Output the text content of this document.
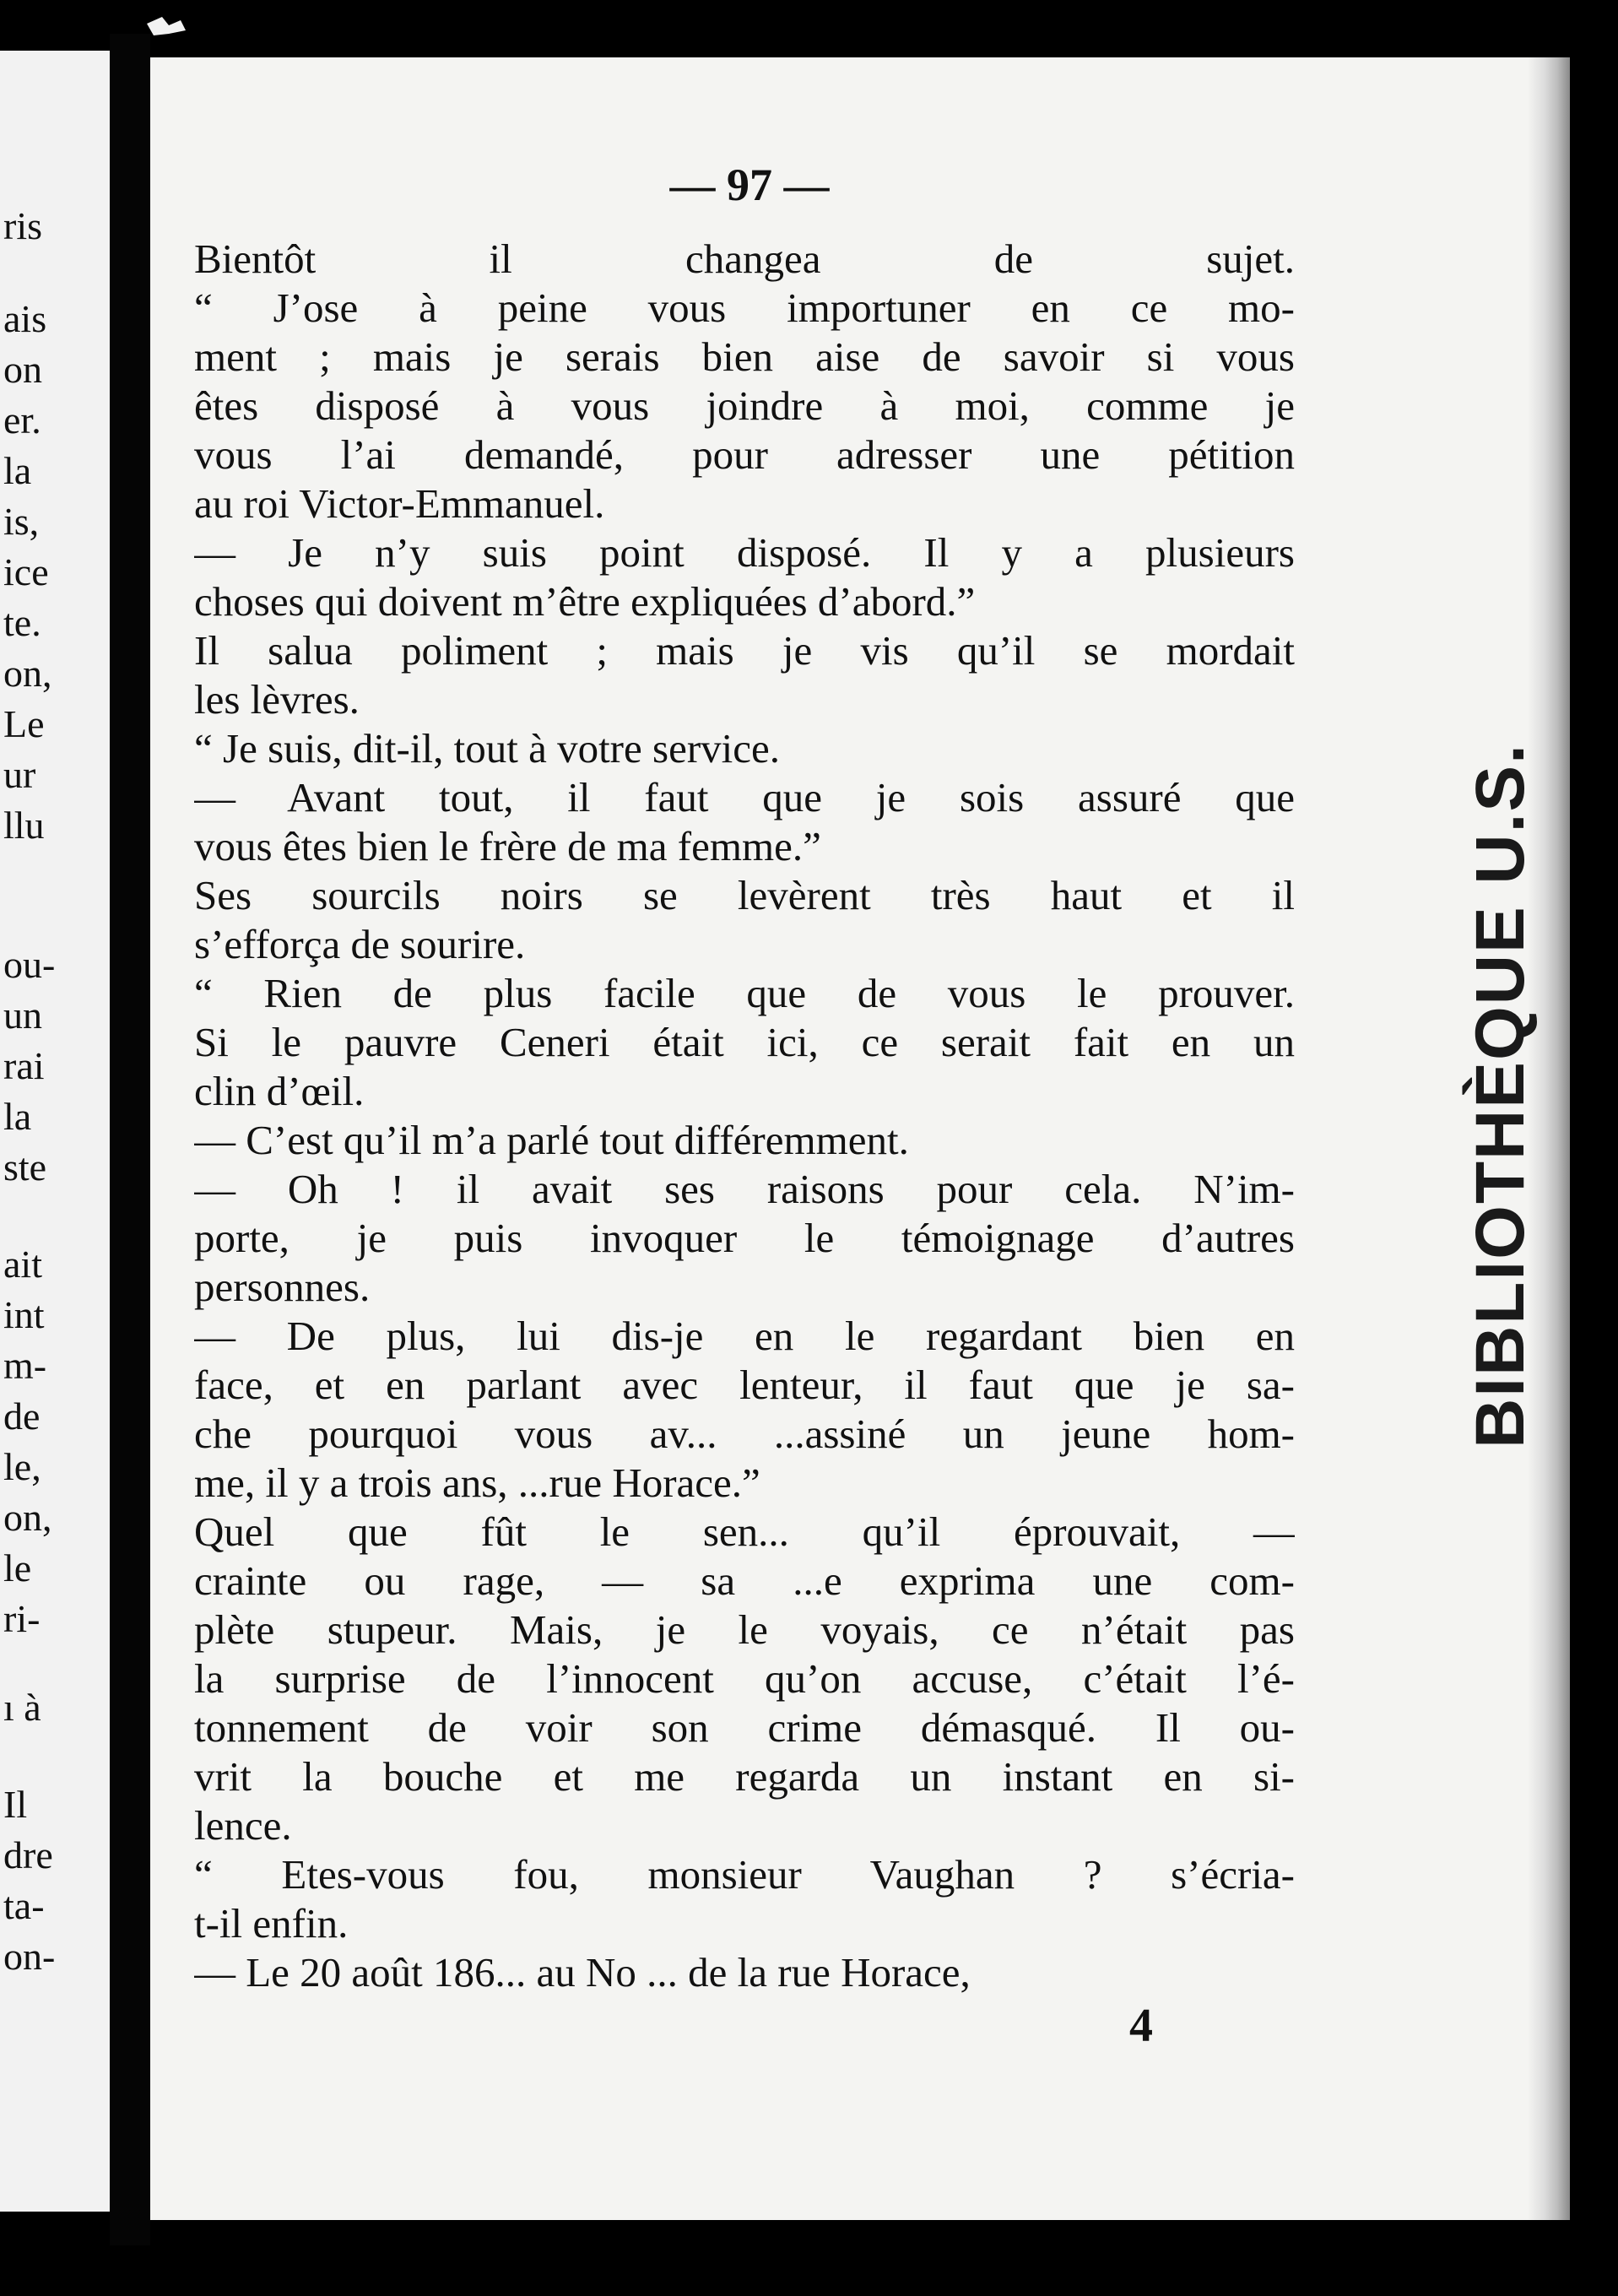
ris
ais
on
er.
la
is,
ice
te.
on,
Le
ur
llu
ou-
un
rai
la
ste
ait
int
m-
de
le,
on,
le
ri-
ı à
Il
dre
ta-
on-
— 97 —
Bientôt il changea de sujet.
“ J’ose à peine vous importuner en ce mo-
ment ; mais je serais bien aise de savoir si vous
êtes disposé à vous joindre à moi, comme je
vous l’ai demandé, pour adresser une pétition
au roi Victor-Emmanuel.
— Je n’y suis point disposé. Il y a plusieurs
choses qui doivent m’être expliquées d’abord.”
Il salua poliment ; mais je vis qu’il se mordait
les lèvres.
“ Je suis, dit-il, tout à votre service.
— Avant tout, il faut que je sois assuré que
vous êtes bien le frère de ma femme.”
Ses sourcils noirs se levèrent très haut et il
s’efforça de sourire.
“ Rien de plus facile que de vous le prouver.
Si le pauvre Ceneri était ici, ce serait fait en un
clin d’œil.
— C’est qu’il m’a parlé tout différemment.
— Oh ! il avait ses raisons pour cela. N’im-
porte, je puis invoquer le témoignage d’autres
personnes.
— De plus, lui dis-je en le regardant bien en
face, et en parlant avec lenteur, il faut que je sa-
che pourquoi vous av... ...assiné un jeune hom-
me, il y a trois ans, ...rue Horace.”
Quel que fût le sen... qu’il éprouvait, —
crainte ou rage, — sa ...e exprima une com-
plète stupeur. Mais, je le voyais, ce n’était pas
la surprise de l’innocent qu’on accuse, c’était l’é-
tonnement de voir son crime démasqué. Il ou-
vrit la bouche et me regarda un instant en si-
lence.
“ Etes-vous fou, monsieur Vaughan ? s’écria-
t-il enfin.
— Le 20 août 186... au No ... de la rue Horace,
4
BIBLIOTHÈQUE U.S.
